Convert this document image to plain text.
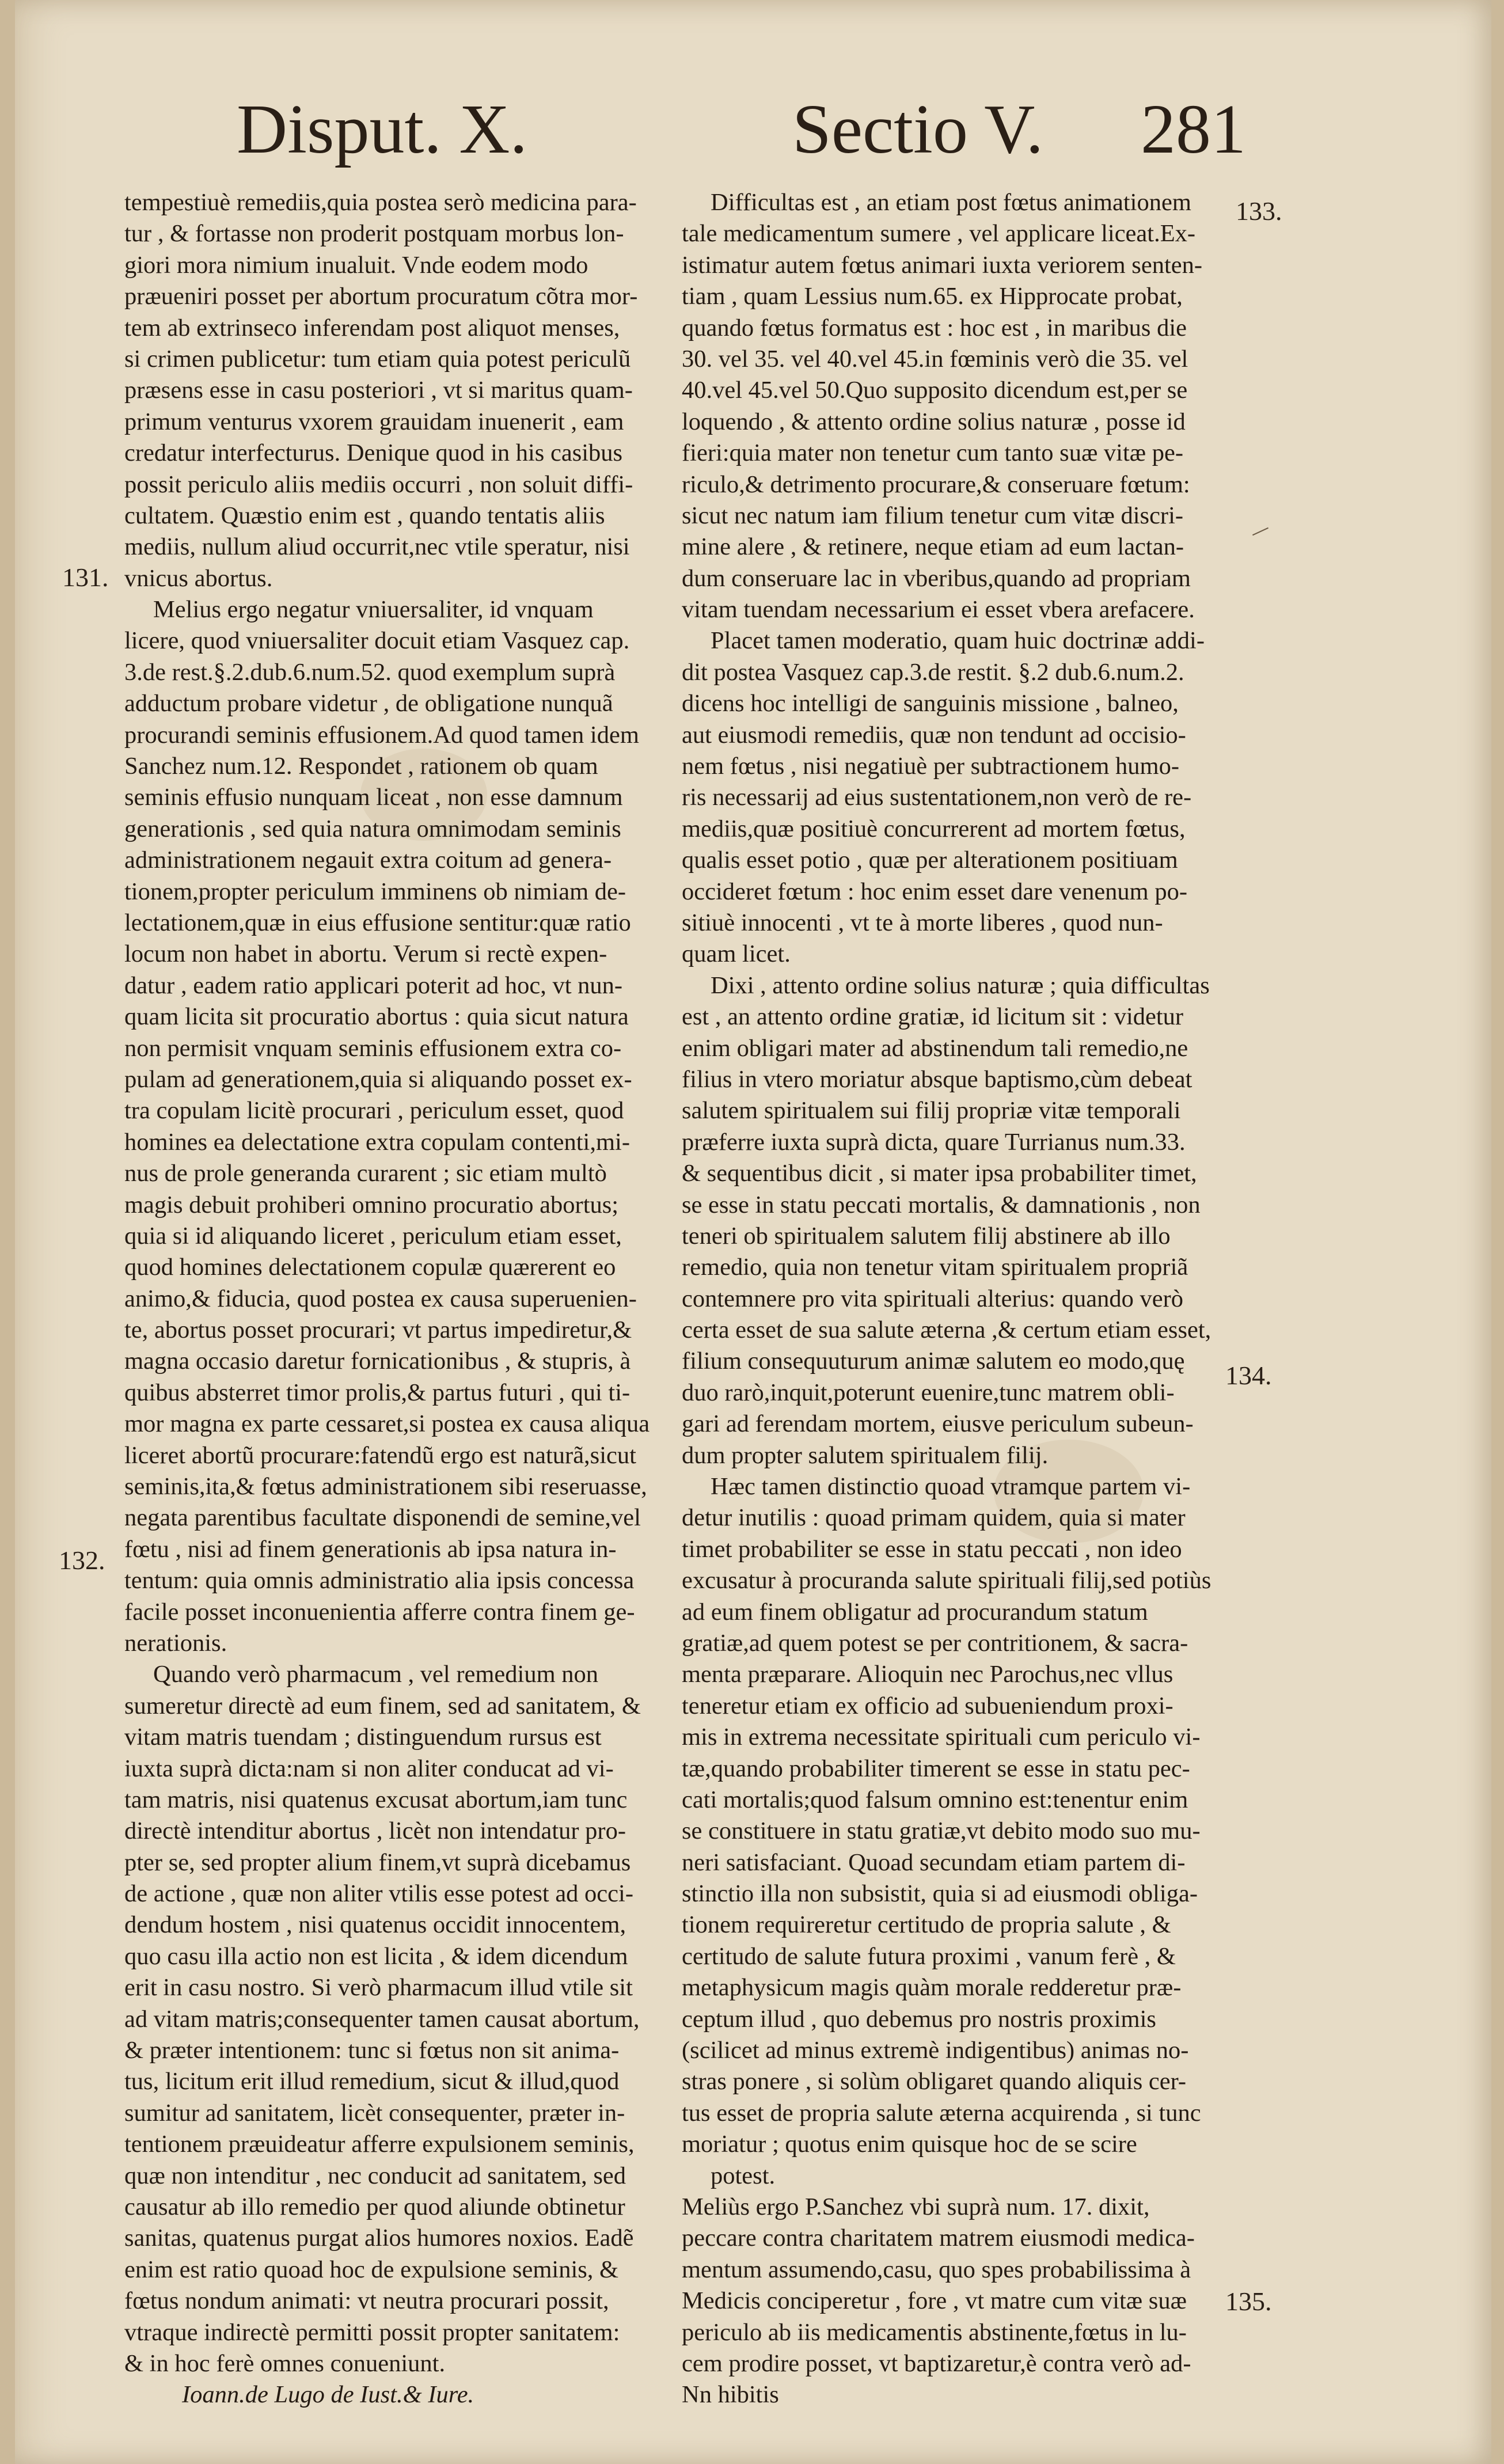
Disput. X.	Sectio V. 281
131.
132.
133.
134.
135.
tempestiuè remediis,quia postea serò medicina para-
tur , & fortasse non proderit postquam morbus lon-
giori mora nimium inualuit. Vnde eodem modo
præueniri posset per abortum procuratum cõtra mor-
tem ab extrinseco inferendam post aliquot menses,
si crimen publicetur: tum etiam quia potest periculũ
præsens esse in casu posteriori , vt si maritus quam-
primum venturus vxorem grauidam inuenerit , eam
credatur interfecturus. Denique quod in his casibus
possit periculo aliis mediis occurri , non soluit diffi-
cultatem. Quæstio enim est , quando tentatis aliis
mediis, nullum aliud occurrit,nec vtile speratur, nisi
vnicus abortus.
Melius ergo negatur vniuersaliter, id vnquam
licere, quod vniuersaliter docuit etiam Vasquez cap.
3.de rest.§.2.dub.6.num.52. quod exemplum suprà
adductum probare videtur , de obligatione nunquã
procurandi seminis effusionem.Ad quod tamen idem
Sanchez num.12. Respondet , rationem ob quam
seminis effusio nunquam liceat , non esse damnum
generationis , sed quia natura omnimodam seminis
administrationem negauit extra coitum ad genera-
tionem,propter periculum imminens ob nimiam de-
lectationem,quæ in eius effusione sentitur:quæ ratio
locum non habet in abortu. Verum si rectè expen-
datur , eadem ratio applicari poterit ad hoc, vt nun-
quam licita sit procuratio abortus : quia sicut natura
non permisit vnquam seminis effusionem extra co-
pulam ad generationem,quia si aliquando posset ex-
tra copulam licitè procurari , periculum esset, quod
homines ea delectatione extra copulam contenti,mi-
nus de prole generanda curarent ; sic etiam multò
magis debuit prohiberi omnino procuratio abortus;
quia si id aliquando liceret , periculum etiam esset,
quod homines delectationem copulæ quærerent eo
animo,& fiducia, quod postea ex causa superuenien-
te, abortus posset procurari; vt partus impediretur,&
magna occasio daretur fornicationibus , & stupris, à
quibus absterret timor prolis,& partus futuri , qui ti-
mor magna ex parte cessaret,si postea ex causa aliqua
liceret abortũ procurare:fatendũ ergo est naturã,sicut
seminis,ita,& fœtus administrationem sibi reseruasse,
negata parentibus facultate disponendi de semine,vel
fœtu , nisi ad finem generationis ab ipsa natura in-
tentum: quia omnis administratio alia ipsis concessa
facile posset inconuenientia afferre contra finem ge-
nerationis.
Quando verò pharmacum , vel remedium non
sumeretur directè ad eum finem, sed ad sanitatem, &
vitam matris tuendam ; distinguendum rursus est
iuxta suprà dicta:nam si non aliter conducat ad vi-
tam matris, nisi quatenus excusat abortum,iam tunc
directè intenditur abortus , licèt non intendatur pro-
pter se, sed propter alium finem,vt suprà dicebamus
de actione , quæ non aliter vtilis esse potest ad occi-
dendum hostem , nisi quatenus occidit innocentem,
quo casu illa actio non est licita , & idem dicendum
erit in casu nostro. Si verò pharmacum illud vtile sit
ad vitam matris;consequenter tamen causat abortum,
& præter intentionem: tunc si fœtus non sit anima-
tus, licitum erit illud remedium, sicut & illud,quod
sumitur ad sanitatem, licèt consequenter, præter in-
tentionem præuideatur afferre expulsionem seminis,
quæ non intenditur , nec conducit ad sanitatem, sed
causatur ab illo remedio per quod aliunde obtinetur
sanitas, quatenus purgat alios humores noxios. Eadẽ
enim est ratio quoad hoc de expulsione seminis, &
fœtus nondum animati: vt neutra procurari possit,
vtraque indirectè permitti possit propter sanitatem:
& in hoc ferè omnes conueniunt.
Ioann.de Lugo de Iust.& Iure.
Difficultas est , an etiam post fœtus animationem
tale medicamentum sumere , vel applicare liceat.Ex-
istimatur autem fœtus animari iuxta veriorem senten-
tiam , quam Lessius num.65. ex Hipprocate probat,
quando fœtus formatus est : hoc est , in maribus die
30. vel 35. vel 40.vel 45.in fœminis verò die 35. vel
40.vel 45.vel 50.Quo supposito dicendum est,per se
loquendo , & attento ordine solius naturæ , posse id
fieri:quia mater non tenetur cum tanto suæ vitæ pe-
riculo,& detrimento procurare,& conseruare fœtum:
sicut nec natum iam filium tenetur cum vitæ discri-
mine alere , & retinere, neque etiam ad eum lactan-
dum conseruare lac in vberibus,quando ad propriam
vitam tuendam necessarium ei esset vbera arefacere.
Placet tamen moderatio, quam huic doctrinæ addi-
dit postea Vasquez cap.3.de restit. §.2 dub.6.num.2.
dicens hoc intelligi de sanguinis missione , balneo,
aut eiusmodi remediis, quæ non tendunt ad occisio-
nem fœtus , nisi negatiuè per subtractionem humo-
ris necessarij ad eius sustentationem,non verò de re-
mediis,quæ positiuè concurrerent ad mortem fœtus,
qualis esset potio , quæ per alterationem positiuam
occideret fœtum : hoc enim esset dare venenum po-
sitiuè innocenti , vt te à morte liberes , quod nun-
quam licet.
Dixi , attento ordine solius naturæ ; quia difficultas
est , an attento ordine gratiæ, id licitum sit : videtur
enim obligari mater ad abstinendum tali remedio,ne
filius in vtero moriatur absque baptismo,cùm debeat
salutem spiritualem sui filij propriæ vitæ temporali
præferre iuxta suprà dicta, quare Turrianus num.33.
& sequentibus dicit , si mater ipsa probabiliter timet,
se esse in statu peccati mortalis, & damnationis , non
teneri ob spiritualem salutem filij abstinere ab illo
remedio, quia non tenetur vitam spiritualem propriã
contemnere pro vita spirituali alterius: quando verò
certa esset de sua salute æterna ,& certum etiam esset,
filium consequuturum animæ salutem eo modo,quę
duo rarò,inquit,poterunt euenire,tunc matrem obli-
gari ad ferendam mortem, eiusve periculum subeun-
dum propter salutem spiritualem filij.
Hæc tamen distinctio quoad vtramque partem vi-
detur inutilis : quoad primam quidem, quia si mater
timet probabiliter se esse in statu peccati , non ideo
excusatur à procuranda salute spirituali filij,sed potiùs
ad eum finem obligatur ad procurandum statum
gratiæ,ad quem potest se per contritionem, & sacra-
menta præparare. Alioquin nec Parochus,nec vllus
teneretur etiam ex officio ad subueniendum proxi-
mis in extrema necessitate spirituali cum periculo vi-
tæ,quando probabiliter timerent se esse in statu pec-
cati mortalis;quod falsum omnino est:tenentur enim
se constituere in statu gratiæ,vt debito modo suo mu-
neri satisfaciant. Quoad secundam etiam partem di-
stinctio illa non subsistit, quia si ad eiusmodi obliga-
tionem requireretur certitudo de propria salute , &
certitudo de salute futura proximi , vanum ferè , &
metaphysicum magis quàm morale redderetur præ-
ceptum illud , quo debemus pro nostris proximis
(scilicet ad minus extremè indigentibus) animas no-
stras ponere , si solùm obligaret quando aliquis cer-
tus esset de propria salute æterna acquirenda , si tunc
moriatur ; quotus enim quisque hoc de se scire
potest.
Meliùs ergo P.Sanchez vbi suprà num. 17. dixit,
peccare contra charitatem matrem eiusmodi medica-
mentum assumendo,casu, quo spes probabilissima à
Medicis conciperetur , fore , vt matre cum vitæ suæ
periculo ab iis medicamentis abstinente,fœtus in lu-
cem prodire posset, vt baptizaretur,è contra verò ad-
Nn hibitis
